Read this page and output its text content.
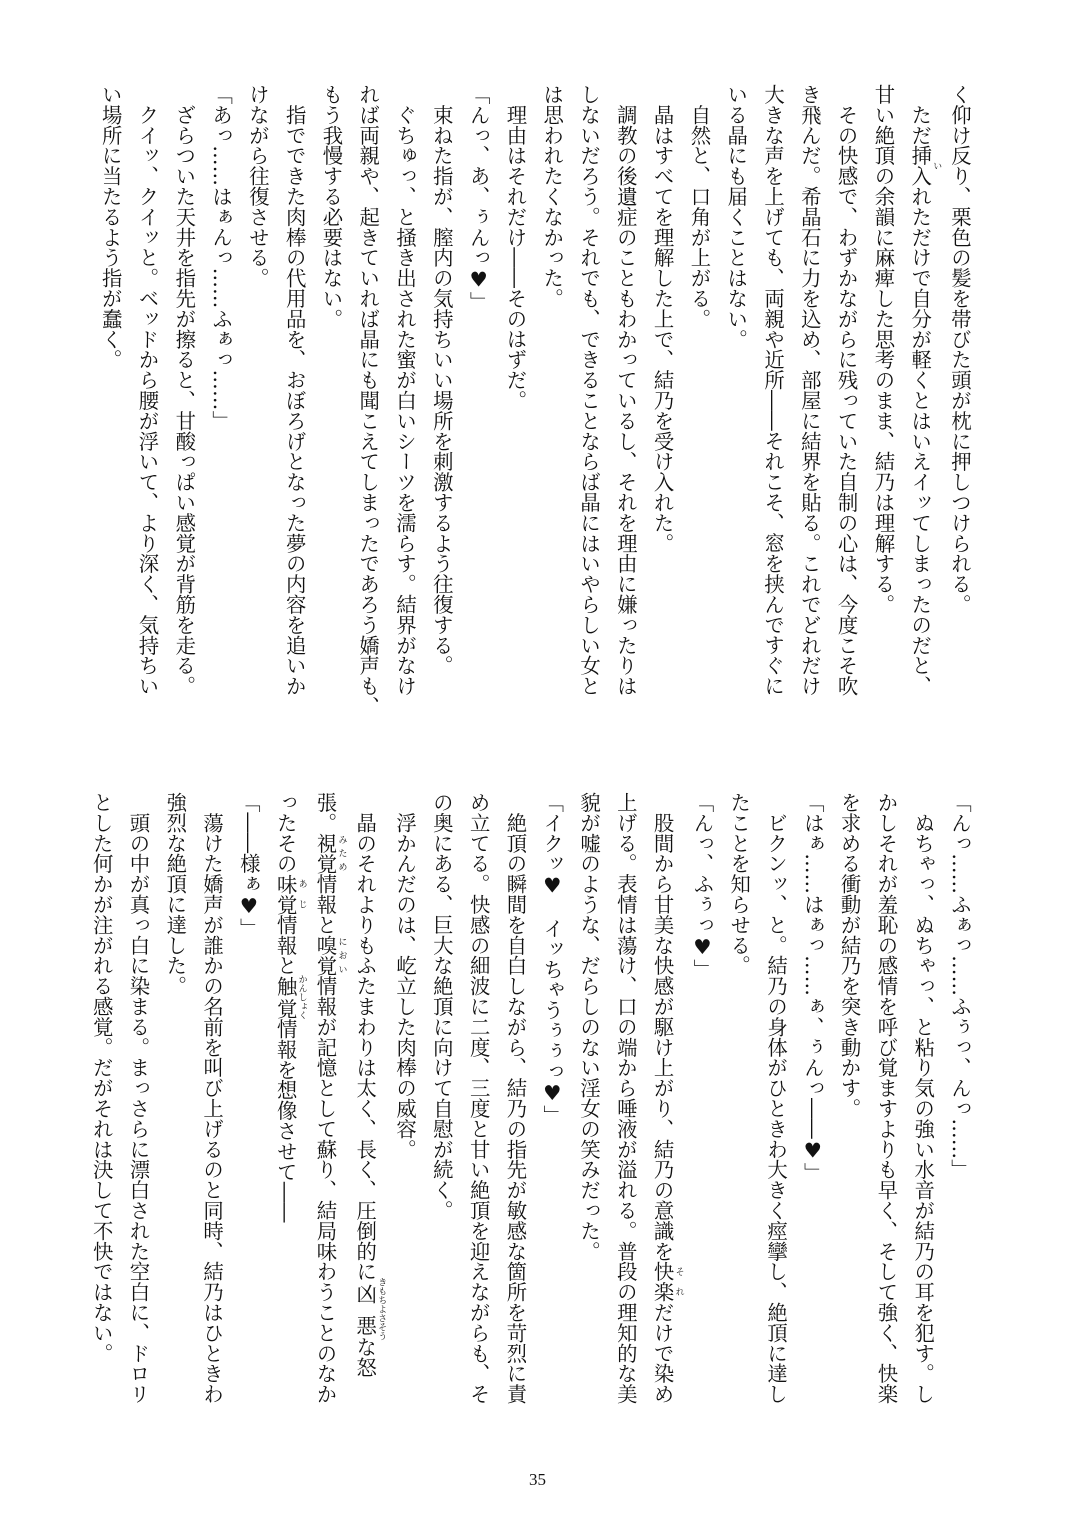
く仰け反り、栗色の髪を帯びた頭が枕に押しつけられる。

　ただ挿入 いれただけで自分が軽くとはいえイッてしまったのだと、

甘い絶頂の余韻に麻痺した思考のまま、結乃は理解する。

　その快感で、わずかながらに残っていた自制の心は、今度こそ吹

き飛んだ。希晶石に力を込め、部屋に結界を貼る。これでどれだけ

大きな声を上げても、両親や近所――それこそ、窓を挟んですぐに

いる晶にも届くことはない。

　自然と、口角が上がる。

　晶はすべてを理解した上で、結乃を受け入れた。

　調教の後遺症のこともわかっているし、それを理由に嫌ったりは

しないだろう。それでも、できることならば晶にはいやらしい女と

は思われたくなかった。

　理由はそれだけ――そのはずだ。

「んっ、あ、ぅんっ♥」

　束ねた指が、膣内の気持ちいい場所を刺激するよう往復する。

　ぐちゅっ、と掻き出された蜜が白いシーツを濡らす。結界がなけ

れば両親や、起きていれば晶にも聞こえてしまったであろう嬌声も、

もう我慢する必要はない。

　指でできた肉棒の代用品を、おぼろげとなった夢の内容を追いか

けながら往復させる。

「あっ……はぁんっ……ふぁっ……」

　ざらついた天井を指先が擦ると、甘酸っぱい感覚が背筋を走る。

　クイッ、クイッと。ベッドから腰が浮いて、より深く、気持ちい

い場所に当たるよう指が蠢く。

「んっ……ふぁっ……ふぅっ、んっ……」

　ぬちゃっ、ぬちゃっ、と粘り気の強い水音が結乃の耳を犯す。し

かしそれが羞恥の感情を呼び覚ますよりも早く、そして強く、快楽

を求める衝動が結乃を突き動かす。

「はぁ……はぁっ……ぁ、ぅんっ――♥」

　ビクンッ、と。結乃の身体がひときわ大きく痙攣し、絶頂に達し

たことを知らせる。

「んっ、ふぅっ♥」

　股間から甘美な快感が駆け上がり、結乃の意識を快楽 それだけで染め

上げる。表情は蕩け、口の端から唾液が溢れる。普段の理知的な美

貌が嘘のような、だらしのない淫女の笑みだった。

「イクッ♥　イッちゃうぅぅっ♥」

　絶頂の瞬間を自白しながら、結乃の指先が敏感な箇所を苛烈に責

め立てる。快感の細波に二度、三度と甘い絶頂を迎えながらも、そ

の奥にある、巨大な絶頂に向けて自慰が続く。

　浮かんだのは、屹立した肉棒の威容。

　晶のそれよりもふたまわりは太く、長く、圧倒的に凶悪 きもちよさそうな怒

張。視覚 みため情報と嗅覚 におい情報が記憶として蘇り、結局味わうことのなか

ったその味覚 あじ情報と触覚 かんしょく情報を想像させて――

「――様ぁ♥」

　蕩けた嬌声が誰かの名前を叫び上げるのと同時、結乃はひときわ

強烈な絶頂に達した。

　頭の中が真っ白に染まる。まっさらに漂白された空白に、ドロリ

とした何かが注がれる感覚。だがそれは決して不快ではない。

35
